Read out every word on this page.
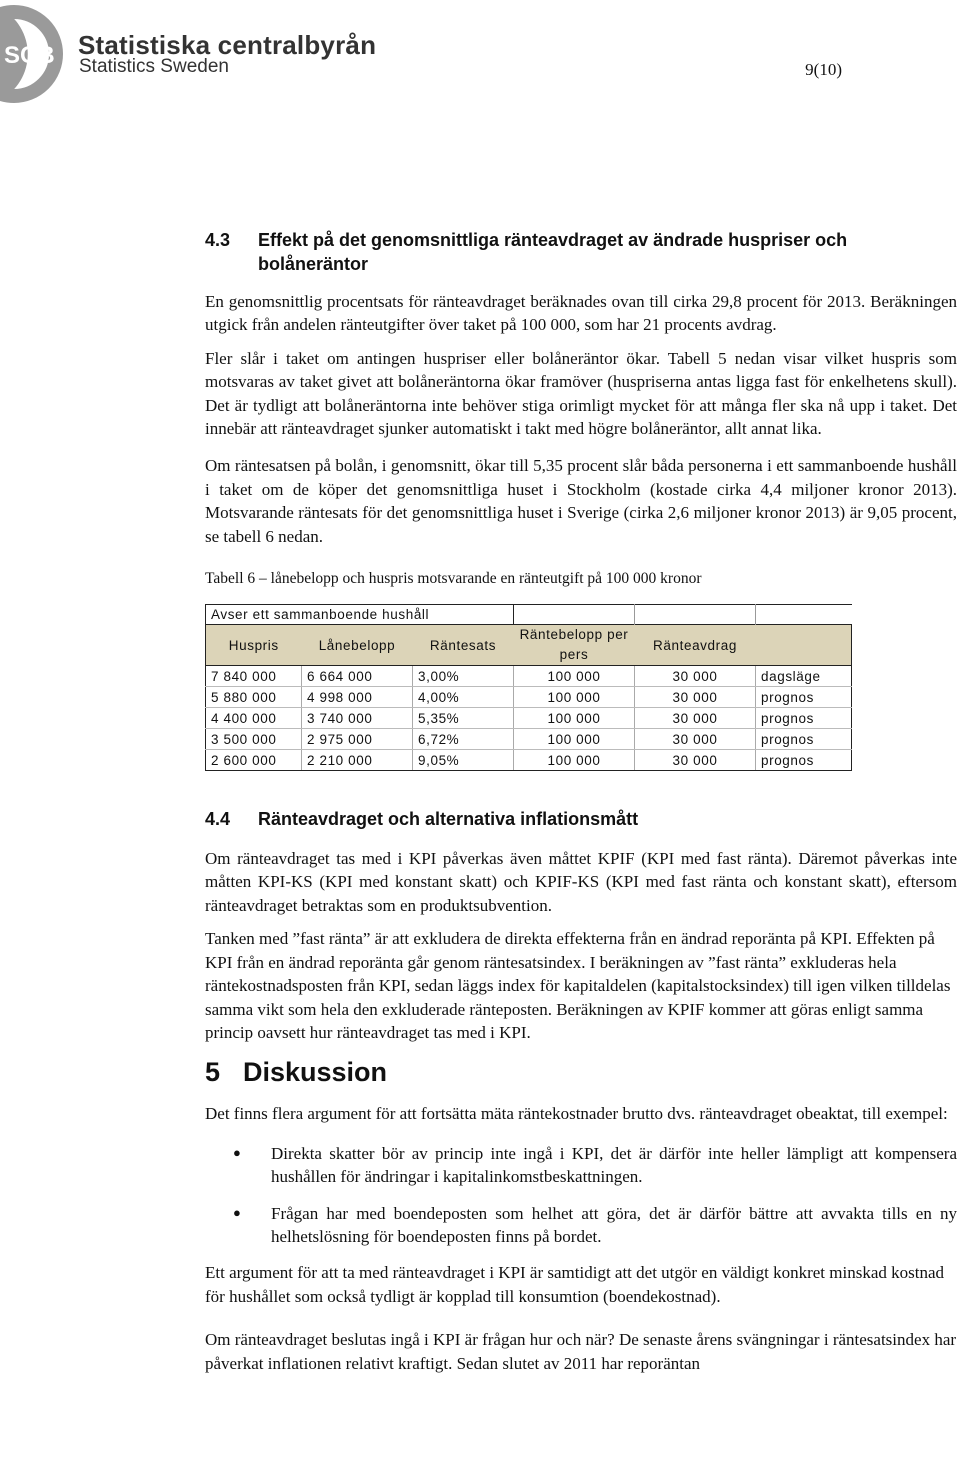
SCB Statistiska centralbyrån
Statistics Sweden	9(10)
4.3	Effekt på det genomsnittliga ränteavdraget av ändrade huspriser och bolåneräntor

En genomsnittlig procentsats för ränteavdraget beräknades ovan till cirka 29,8 procent för 2013. Beräkningen utgick från andelen ränteutgifter över taket på 100 000, som har 21 procents avdrag.

Fler slår i taket om antingen huspriser eller bolåneräntor ökar. Tabell 5 nedan visar vilket huspris som motsvaras av taket givet att bolåneräntorna ökar framöver (huspriserna antas ligga fast för enkelhetens skull). Det är tydligt att bolåneräntorna inte behöver stiga orimligt mycket för att många fler ska nå upp i taket. Det innebär att ränteavdraget sjunker automatiskt i takt med högre bolåneräntor, allt annat lika.

Om räntesatsen på bolån, i genomsnitt, ökar till 5,35 procent slår båda personerna i ett sammanboende hushåll i taket om de köper det genomsnittliga huset i Stockholm (kostade cirka 4,4 miljoner kronor 2013). Motsvarande räntesats för det genomsnittliga huset i Sverige (cirka 2,6 miljoner kronor 2013) är 9,05 procent, se tabell 6 nedan.

Tabell 6 – lånebelopp och huspris motsvarande en ränteutgift på 100 000 kronor
Avser ett sammanboende hushåll					
Huspris	Lånebelopp	Räntesats	Räntebelopp per pers	Ränteavdrag	
7 840 000	6 664 000	3,00%	100 000	30 000	dagsläge
5 880 000	4 998 000	4,00%	100 000	30 000	prognos
4 400 000	3 740 000	5,35%	100 000	30 000	prognos
3 500 000	2 975 000	6,72%	100 000	30 000	prognos
2 600 000	2 210 000	9,05%	100 000	30 000	prognos
4.4	Ränteavdraget och alternativa inflationsmått

Om ränteavdraget tas med i KPI påverkas även måttet KPIF (KPI med fast ränta). Däremot påverkas inte måtten KPI-KS (KPI med konstant skatt) och KPIF-KS (KPI med fast ränta och konstant skatt), eftersom ränteavdraget betraktas som en produktsubvention.

Tanken med ”fast ränta” är att exkludera de direkta effekterna från en ändrad reporänta på KPI. Effekten på KPI från en ändrad reporänta går genom räntesatsindex. I beräkningen av ”fast ränta” exkluderas hela räntekostnadsposten från KPI, sedan läggs index för kapitaldelen (kapitalstocksindex) till igen vilken tilldelas samma vikt som hela den exkluderade ränteposten. Beräkningen av KPIF kommer att göras enligt samma princip oavsett hur ränteavdraget tas med i KPI.

5 Diskussion

Det finns flera argument för att fortsätta mäta räntekostnader brutto dvs. ränteavdraget obeaktat, till exempel:

●	Direkta skatter bör av princip inte ingå i KPI, det är därför inte heller lämpligt att kompensera hushållen för ändringar i kapitalinkomstbeskattningen.

●	Frågan har med boendeposten som helhet att göra, det är därför bättre att avvakta tills en ny helhetslösning för boendeposten finns på bordet.

Ett argument för att ta med ränteavdraget i KPI är samtidigt att det utgör en väldigt konkret minskad kostnad för hushållet som också tydligt är kopplad till konsumtion (boendekostnad).

Om ränteavdraget beslutas ingå i KPI är frågan hur och när? De senaste årens svängningar i räntesatsindex har påverkat inflationen relativt kraftigt. Sedan slutet av 2011 har reporäntan
